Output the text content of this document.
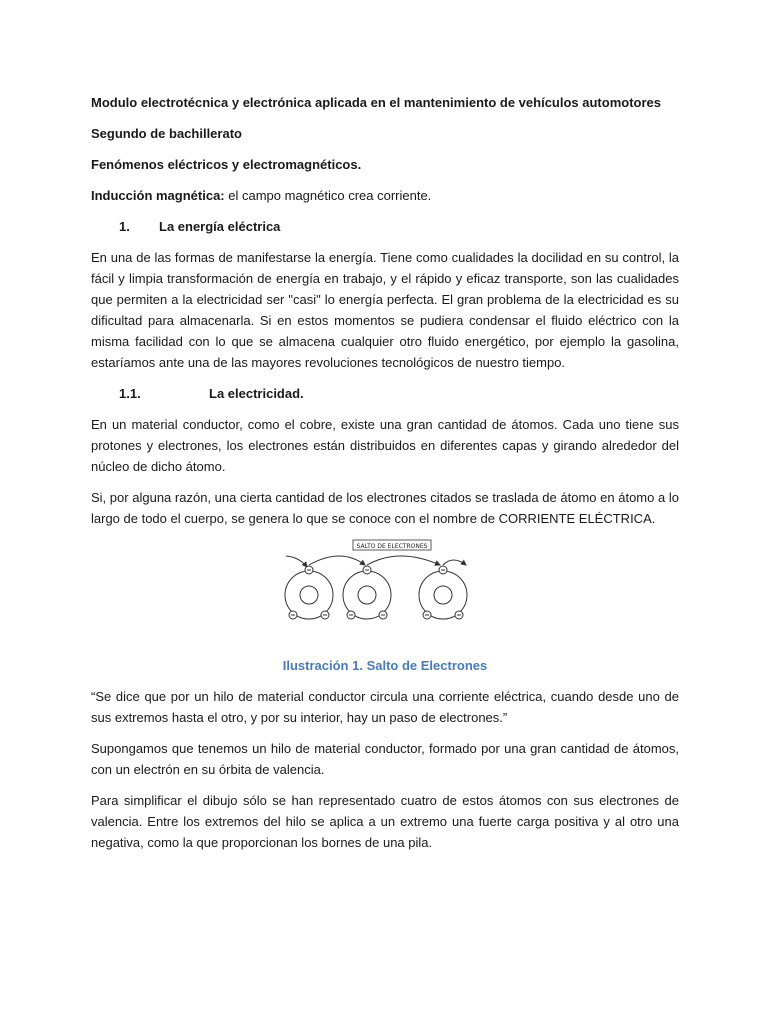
Modulo electrotécnica y electrónica aplicada en el mantenimiento de vehículos automotores
Segundo de bachillerato
Fenómenos eléctricos y electromagnéticos.
Inducción magnética: el campo magnético crea corriente.
1.	La energía eléctrica

En una de las formas de manifestarse la energía. Tiene como cualidades la docilidad en su control, la fácil y limpia transformación de energía en trabajo, y el rápido y eficaz transporte, son las cualidades que permiten a la electricidad ser "casi" lo energía perfecta. El gran problema de la electricidad es su dificultad para almacenarla. Si en estos momentos se pudiera condensar el fluido eléctrico con la misma facilidad con lo que se almacena cualquier otro fluido energético, por ejemplo la gasolina, estaríamos ante una de las mayores revoluciones tecnológicos de nuestro tiempo.

1.1.	La electricidad.

En un material conductor, como el cobre, existe una gran cantidad de átomos. Cada uno tiene sus protones y electrones, los electrones están distribuidos en diferentes capas y girando alrededor del núcleo de dicho átomo.

Si, por alguna razón, una cierta cantidad de los electrones citados se traslada de átomo en átomo a lo largo de todo el cuerpo, se genera lo que se conoce con el nombre de CORRIENTE ELÉCTRICA.

SALTO DE ELECTRONES
Ilustración 1. Salto de Electrones

“Se dice que por un hilo de material conductor circula una corriente eléctrica, cuando desde uno de sus extremos hasta el otro, y por su interior, hay un paso de electrones.”

Supongamos que tenemos un hilo de material conductor, formado por una gran cantidad de átomos, con un electrón en su órbita de valencia.

Para simplificar el dibujo sólo se han representado cuatro de estos átomos con sus electrones de valencia. Entre los extremos del hilo se aplica a un extremo una fuerte carga positiva y al otro una negativa, como la que proporcionan los bornes de una pila.
